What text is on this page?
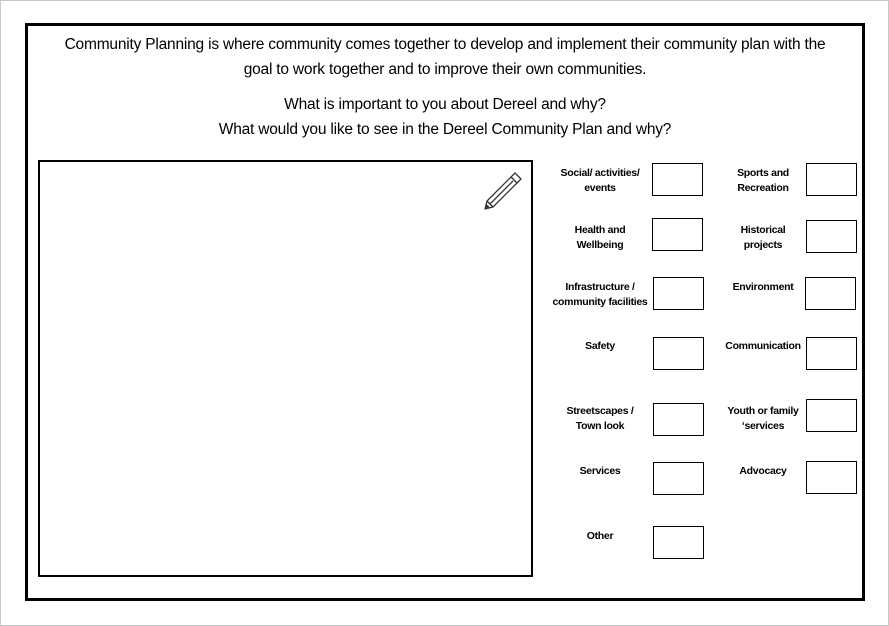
Community Planning is where community comes together to develop and implement their community plan with the
goal to work together and to improve their own communities.
What is important to you about Dereel and why?
What would you like to see in the Dereel Community Plan and why?
Social/ activities/
events
Health and
Wellbeing
Infrastructure /
community facilities
Safety
Streetscapes /
Town look
Services
Other
Sports and
Recreation
Historical
projects
Environment
Communication
Youth or family
‘services
Advocacy
